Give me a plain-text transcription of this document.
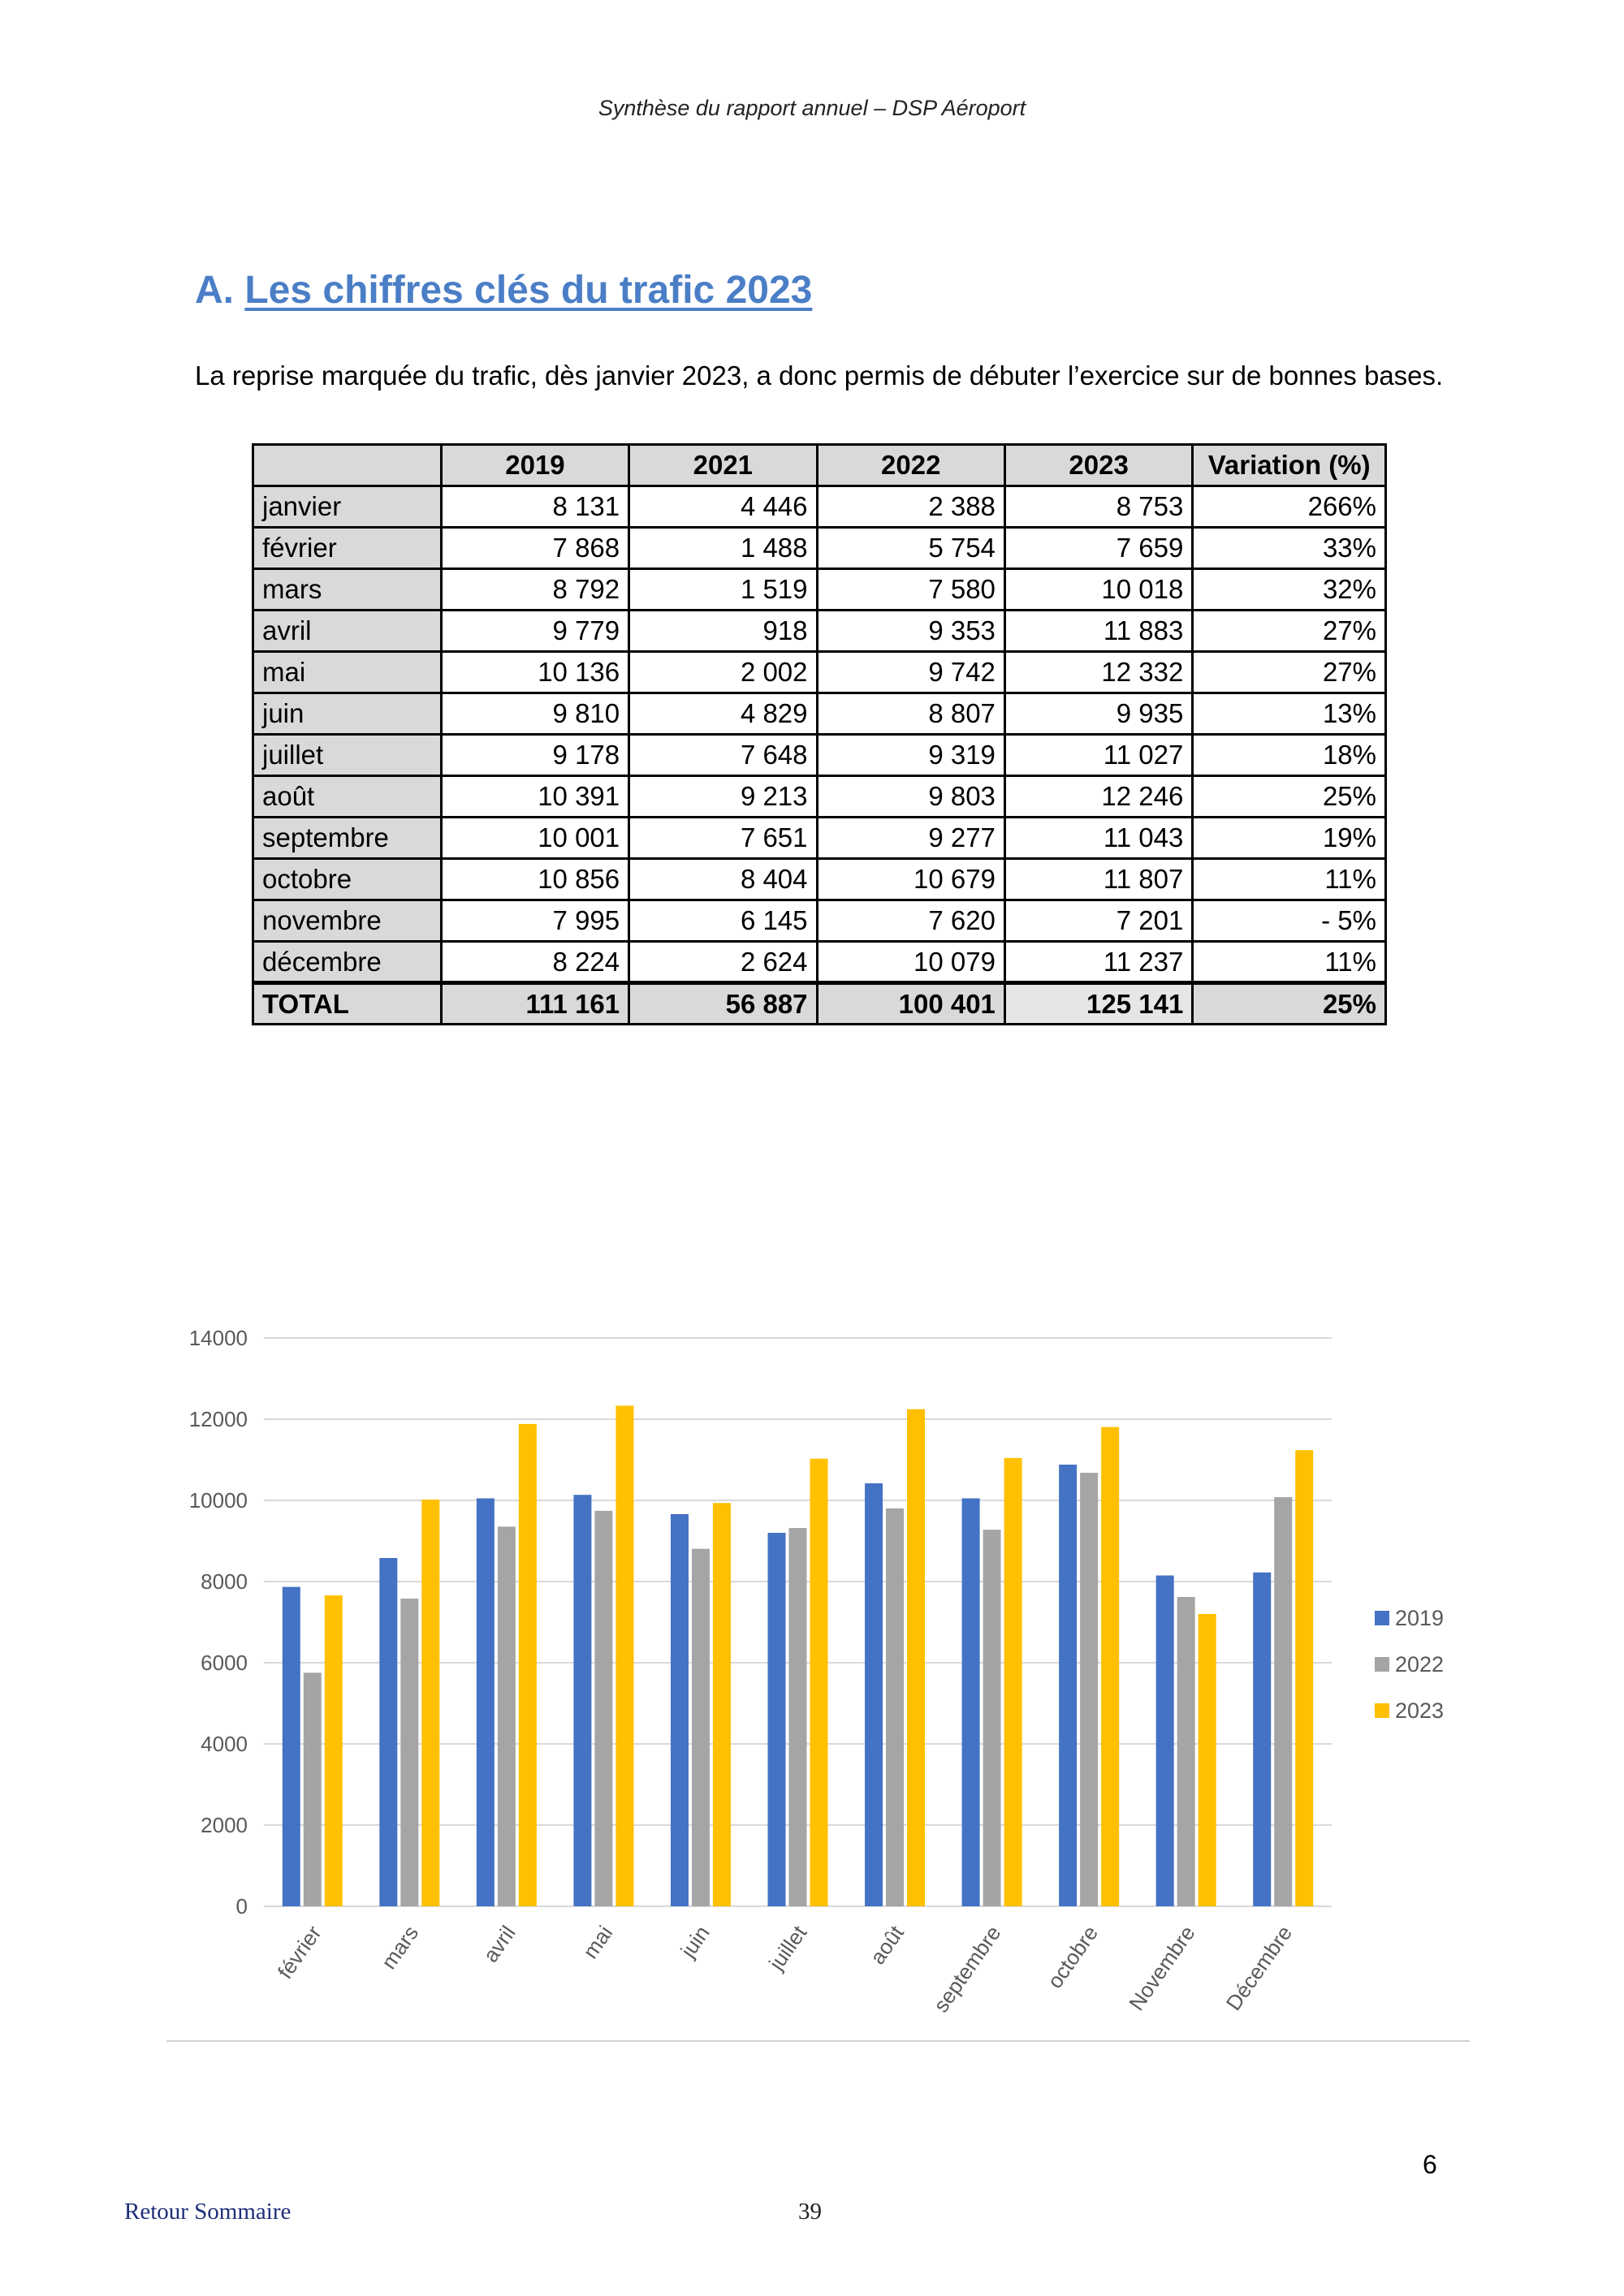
Synthèse du rapport annuel – DSP Aéroport
A. Les chiffres clés du trafic 2023
La reprise marquée du trafic, dès janvier 2023, a donc permis de débuter l’exercice sur de bonnes bases.
	2019	2021	2022	2023	Variation (%)
janvier	8 131	4 446	2 388	8 753	266%
février	7 868	1 488	5 754	7 659	33%
mars	8 792	1 519	7 580	10 018	32%
avril	9 779	918	9 353	11 883	27%
mai	10 136	2 002	9 742	12 332	27%
juin	9 810	4 829	8 807	9 935	13%
juillet	9 178	7 648	9 319	11 027	18%
août	10 391	9 213	9 803	12 246	25%
septembre	10 001	7 651	9 277	11 043	19%
octobre	10 856	8 404	10 679	11 807	11%
novembre	7 995	6 145	7 620	7 201	- 5%
décembre	8 224	2 624	10 079	11 237	11%
TOTAL	111 161	56 887	100 401	125 141	25%
0
2000
4000
6000
8000
10000
12000
14000
février mars	avril	mai	juin juillet	août septembre octobre Novembre Décembre
2019
2022
2023
6
Retour Sommaire	39
